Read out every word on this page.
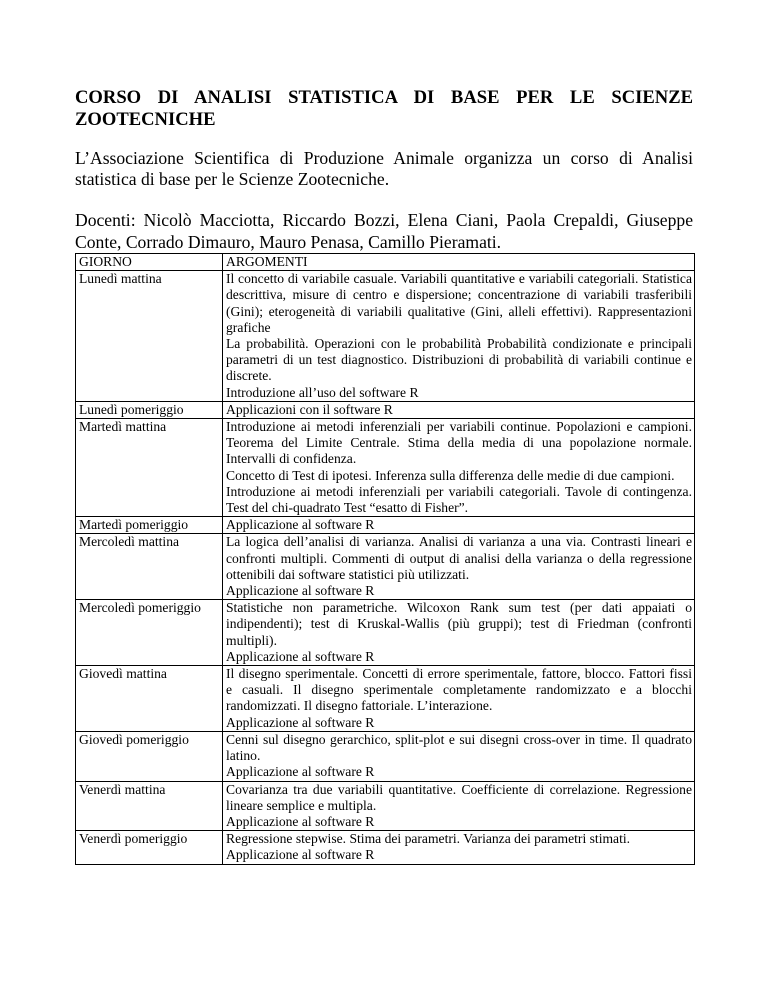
CORSO DI ANALISI STATISTICA DI BASE PER LE SCIENZE ZOOTECNICHE

L’Associazione Scientifica di Produzione Animale organizza un corso di Analisi statistica di base per le Scienze Zootecniche.

Docenti: Nicolò Macciotta, Riccardo Bozzi, Elena Ciani, Paola Crepaldi, Giuseppe Conte, Corrado Dimauro, Mauro Penasa, Camillo Pieramati.

GIORNO	ARGOMENTI
Lunedì mattina	Il concetto di variabile casuale. Variabili quantitative e variabili categoriali. Statistica descrittiva, misure di centro e dispersione; concentrazione di variabili trasferibili (Gini); eterogeneità di variabili qualitative (Gini, alleli effettivi). Rappresentazioni grafiche
La probabilità. Operazioni con le probabilità Probabilità condizionate e principali parametri di un test diagnostico. Distribuzioni di probabilità di variabili continue e discrete.
Introduzione all’uso del software R

Lunedì pomeriggio	Applicazioni con il software R

Martedì mattina	Introduzione ai metodi inferenziali per variabili continue. Popolazioni e campioni. Teorema del Limite Centrale. Stima della media di una popolazione normale. Intervalli di confidenza.
Concetto di Test di ipotesi. Inferenza sulla differenza delle medie di due campioni.
Introduzione ai metodi inferenziali per variabili categoriali. Tavole di contingenza. Test del chi-quadrato Test “esatto di Fisher”.

Martedì pomeriggio	Applicazione al software R

Mercoledì mattina	La logica dell’analisi di varianza. Analisi di varianza a una via. Contrasti lineari e confronti multipli. Commenti di output di analisi della varianza o della regressione ottenibili dai software statistici più utilizzati.
Applicazione al software R

Mercoledì pomeriggio	Statistiche non parametriche. Wilcoxon Rank sum test (per dati appaiati o indipendenti); test di Kruskal-Wallis (più gruppi); test di Friedman (confronti multipli).
Applicazione al software R

Giovedì mattina	Il disegno sperimentale. Concetti di errore sperimentale, fattore, blocco. Fattori fissi e casuali. Il disegno sperimentale completamente randomizzato e a blocchi randomizzati. Il disegno fattoriale. L’interazione.
Applicazione al software R

Giovedì pomeriggio	Cenni sul disegno gerarchico, split-plot e sui disegni cross-over in time. Il quadrato latino.
Applicazione al software R

Venerdì mattina	Covarianza tra due variabili quantitative. Coefficiente di correlazione. Regressione lineare semplice e multipla.
Applicazione al software R

Venerdì pomeriggio	Regressione stepwise. Stima dei parametri. Varianza dei parametri stimati.
Applicazione al software R
